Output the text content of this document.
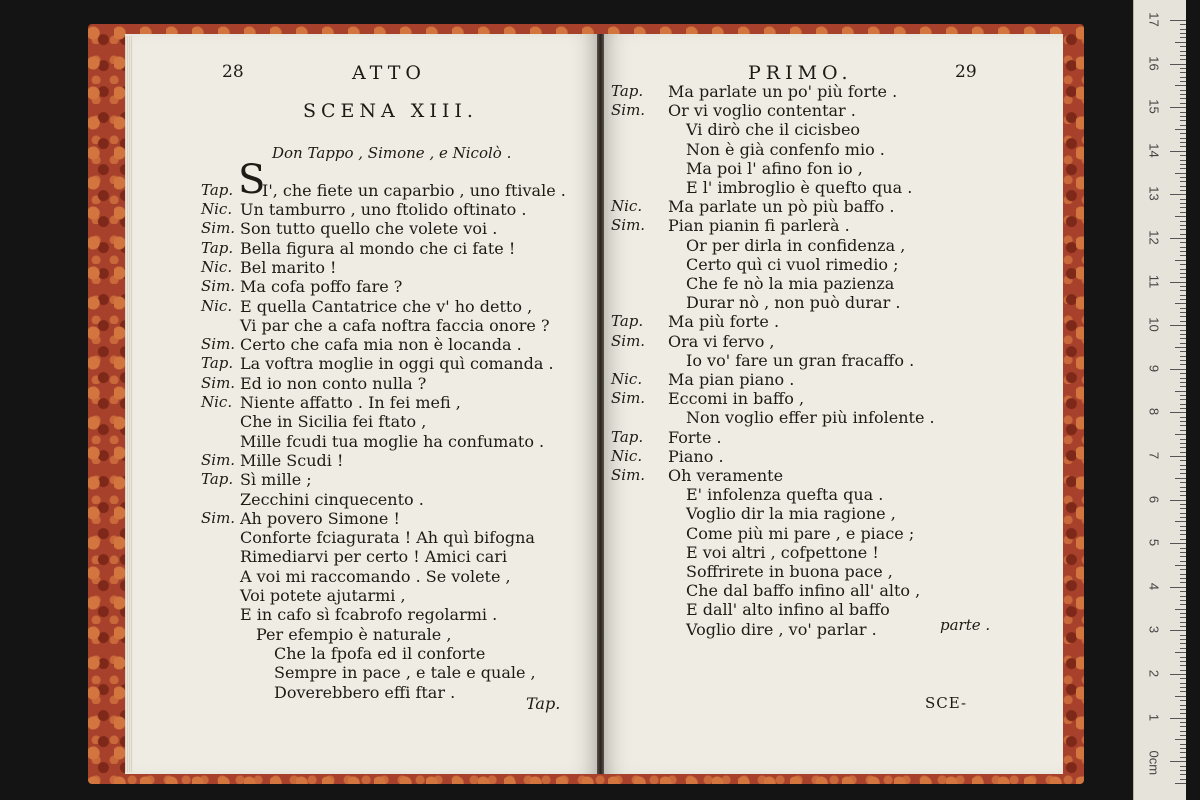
17
16
15
14
13
12
11
10
9
8
7
6
5
4
3
2
1
0cm
28	ATTO
SCENA XIII.
Don Tappo , Simone , e Nicolò .
Tap. S
I', che fiete un caparbio , uno ftivale .
Nic. Un tamburro , uno ftolido oftinato .
Sim. Son tutto quello che volete voi .
Tap. Bella figura al mondo che ci fate !
Nic. Bel marito !
Sim. Ma cofa poffo fare ?
Nic. E quella Cantatrice che v' ho detto ,
Vi par che a cafa noftra faccia onore ?
Sim. Certo che cafa mia non è locanda .
Tap. La voftra moglie in oggi quì comanda .
Sim. Ed io non conto nulla ?
Nic. Niente affatto . In fei mefi ,
Che in Sicilia fei ftato ,
Mille fcudi tua moglie ha confumato .
Sim. Mille Scudi !
Tap. Sì mille ;
Zecchini cinquecento .
Sim. Ah povero Simone !
Conforte fciagurata ! Ah quì bifogna
Rimediarvi per certo ! Amici cari
A voi mi raccomando . Se volete ,
Voi potete ajutarmi ,
E in cafo sì fcabrofo regolarmi .
Per efempio è naturale ,
Che la fpofa ed il conforte
Sempre in pace , e tale e quale ,
Doverebbero effi ftar .
Tap.
PRIMO.	29
Tap. Ma parlate un po' più forte .
Sim. Or vi voglio contentar .
Vi dirò che il cicisbeo
Non è già confenfo mio .
Ma poi l' afino fon io ,
E l' imbroglio è quefto qua .
Nic. Ma parlate un pò più baffo .
Sim. Pian pianin fi parlerà .
Or per dirla in confidenza ,
Certo quì ci vuol rimedio ;
Che fe nò la mia pazienza
Durar nò , non può durar .
Tap. Ma più forte .
Sim. Ora vi fervo ,
Io vo' fare un gran fracaffo .
Nic. Ma pian piano .
Sim. Eccomi in baffo ,
Non voglio effer più infolente .
Tap. Forte .
Nic. Piano .
Sim. Oh veramente
E' infolenza quefta qua .
Voglio dir la mia ragione ,
Come più mi pare , e piace ;
E voi altri , cofpettone !
Soffrirete in buona pace ,
Che dal baffo infino all' alto ,
E dall' alto infino al baffo
Voglio dire , vo' parlar .	parte .
SCE-
